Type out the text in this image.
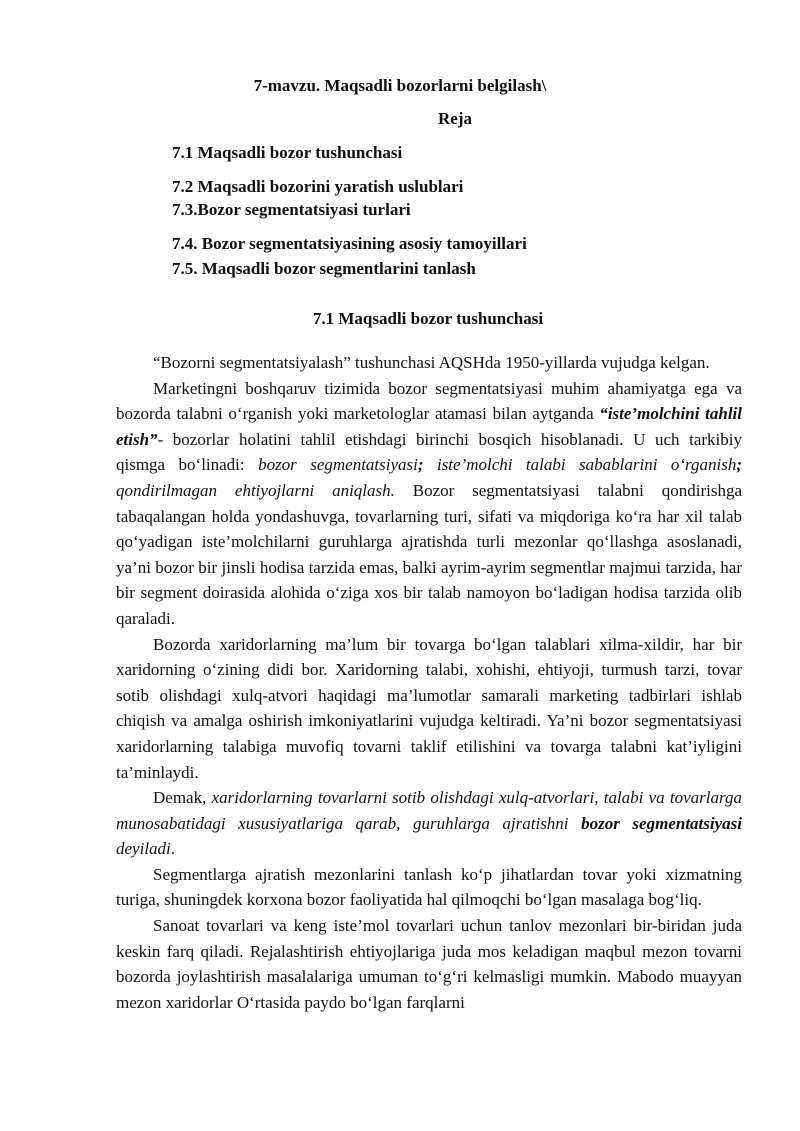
7-mavzu. Maqsadli bozorlarni belgilash\
Reja
7.1 Maqsadli bozor tushunchasi
7.2 Maqsadli bozorini yaratish uslublari
7.3.Bozor segmentatsiyasi turlari
7.4. Bozor segmentatsiyasining asosiy tamoyillari
7.5. Maqsadli bozor segmentlarini tanlash
7.1 Maqsadli bozor tushunchasi

“Bozorni segmentatsiyalash” tushunchasi AQSHda 1950-yillarda vujudga kelgan.

Marketingni boshqaruv tizimida bozor segmentatsiyasi muhim ahamiyatga ega va bozorda talabni o‘rganish yoki marketologlar atamasi bilan aytganda “iste’molchini tahlil etish”- bozorlar holatini tahlil etishdagi birinchi bosqich hisoblanadi. U uch tarkibiy qismga bo‘linadi: bozor segmentatsiyasi; iste’molchi talabi sabablarini o‘rganish; qondirilmagan ehtiyojlarni aniqlash. Bozor segmentatsiyasi talabni qondirishga tabaqalangan holda yondashuvga, tovarlarning turi, sifati va miqdoriga ko‘ra har xil talab qo‘yadigan iste’molchilarni guruhlarga ajratishda turli mezonlar qo‘llashga asoslanadi, ya’ni bozor bir jinsli hodisa tarzida emas, balki ayrim-ayrim segmentlar majmui tarzida, har bir segment doirasida alohida o‘ziga xos bir talab namoyon bo‘ladigan hodisa tarzida olib qaraladi.

Bozorda xaridorlarning ma’lum bir tovarga bo‘lgan talablari xilma-xildir, har bir xaridorning o‘zining didi bor. Xaridorning talabi, xohishi, ehtiyoji, turmush tarzi, tovar sotib olishdagi xulq-atvori haqidagi ma’lumotlar samarali marketing tadbirlari ishlab chiqish va amalga oshirish imkoniyatlarini vujudga keltiradi. Ya’ni bozor segmentatsiyasi xaridorlarning talabiga muvofiq tovarni taklif etilishini va tovarga talabni kat’iyligini ta’minlaydi.

Demak, xaridorlarning tovarlarni sotib olishdagi xulq-atvorlari, talabi va tovarlarga munosabatidagi xususiyatlariga qarab, guruhlarga ajratishni bozor segmentatsiyasi deyiladi.

Segmentlarga ajratish mezonlarini tanlash ko‘p jihatlardan tovar yoki xizmatning turiga, shuningdek korxona bozor faoliyatida hal qilmoqchi bo‘lgan masalaga bog‘liq.

Sanoat tovarlari va keng iste’mol tovarlari uchun tanlov mezonlari bir-biridan juda keskin farq qiladi. Rejalashtirish ehtiyojlariga juda mos keladigan maqbul mezon tovarni bozorda joylashtirish masalalariga umuman to‘g‘ri kelmasligi mumkin. Mabodo muayyan mezon xaridorlar O‘rtasida paydo bo‘lgan farqlarni
